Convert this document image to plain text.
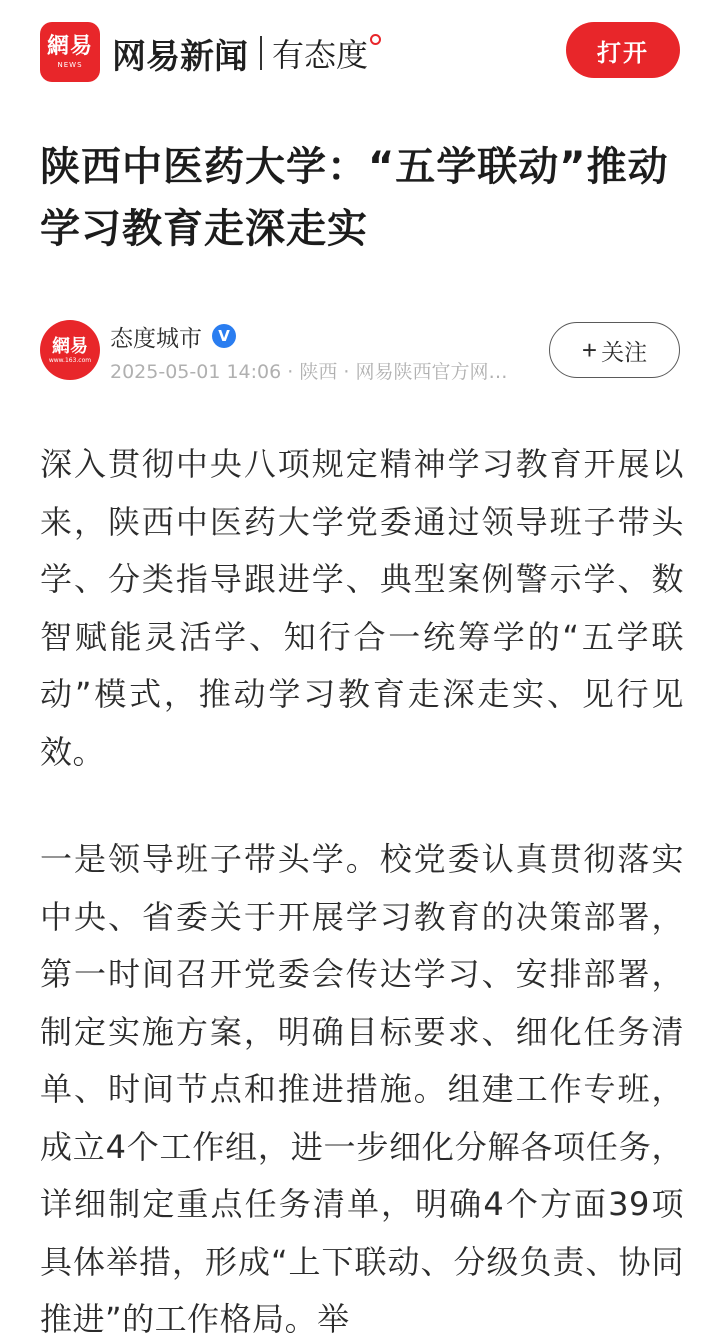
網易
NEWS 网易新闻 有态度	打开
陕西中医药大学：“五学联动”推动学习教育走深走实
網易
www.163.com
态度城市	V
2025-05-01 14:06 · 陕西 · 网易陕西官方网…
+ 关注

深入贯彻中央八项规定精神学习教育开展以来，陕西中医药大学党委通过领导班子带头学、分类指导跟进学、典型案例警示学、数智赋能灵活学、知行合一统筹学的“五学联动”模式，推动学习教育走深走实、见行见效。

一是领导班子带头学。校党委认真贯彻落实中央、省委关于开展学习教育的决策部署，第一时间召开党委会传达学习、安排部署，制定实施方案，明确目标要求、细化任务清单、时间节点和推进措施。组建工作专班，成立4个工作组，进一步细化分解各项任务，详细制定重点任务清单，明确4个方面39项具体举措，形成“上下联动、分级负责、协同推进”的工作格局。举
